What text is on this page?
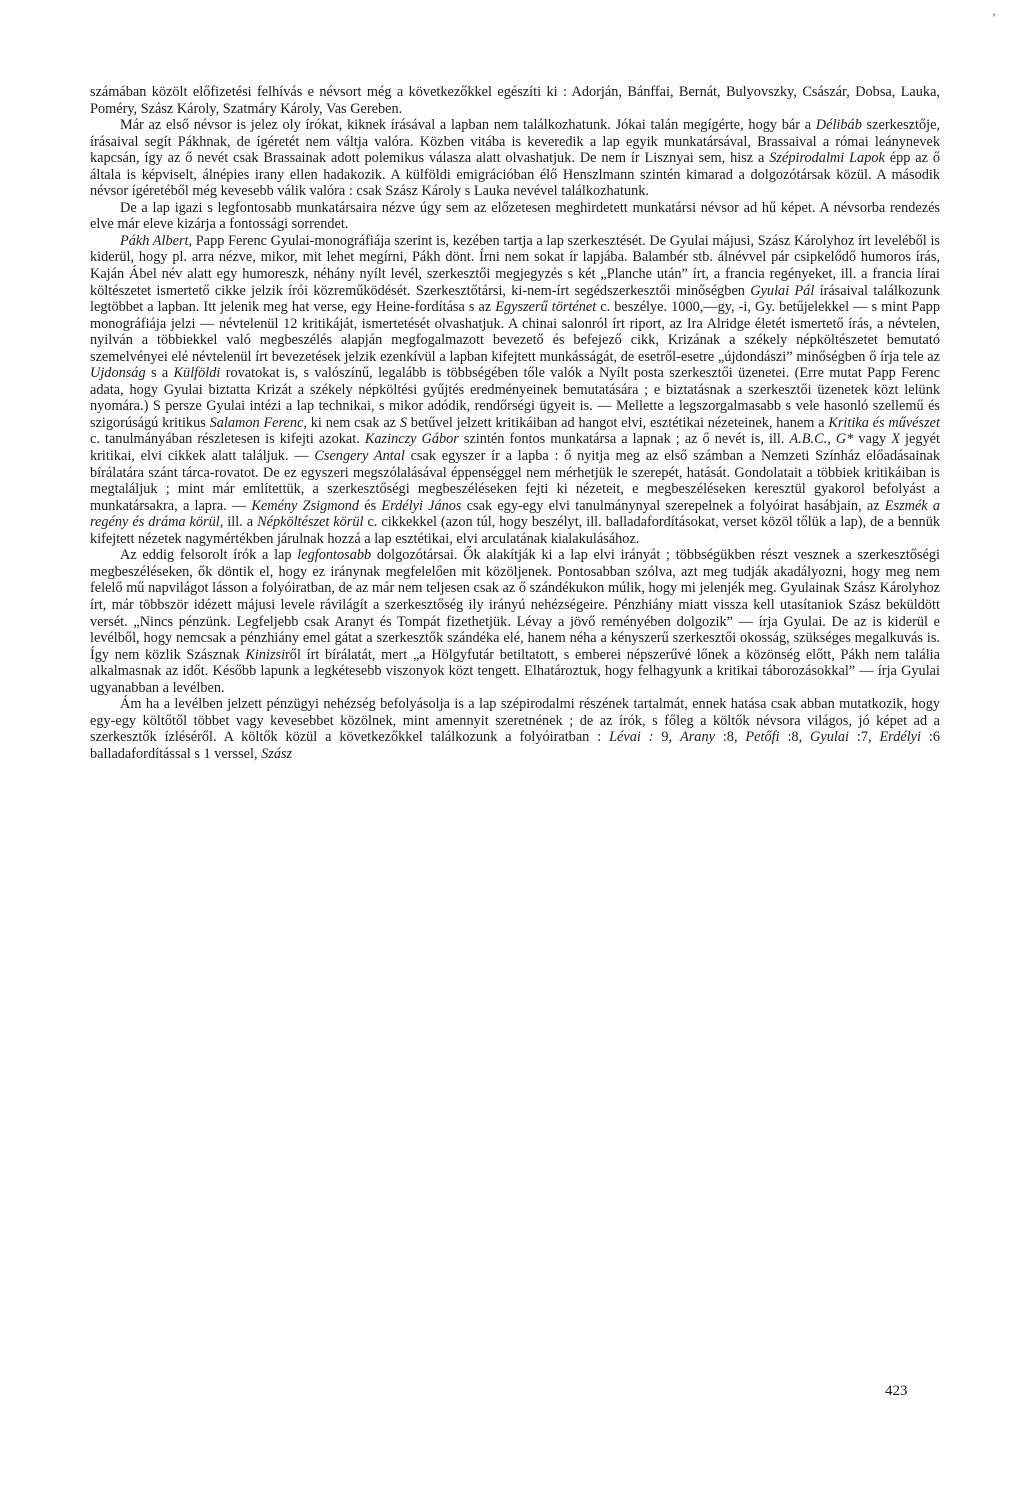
’

számában közölt előfizetési felhívás e névsort még a következőkkel egészíti ki : Adorján, Bánffai, Bernát, Bulyovszky, Császár, Dobsa, Lauka, Poméry, Szász Károly, Szatmáry Károly, Vas Gereben.

Már az első névsor is jelez oly írókat, kiknek írásával a lapban nem találkozhatunk. Jókai talán megígérte, hogy bár a Délibáb szerkesztője, írásaival segít Pákhnak, de ígéretét nem váltja valóra. Közben vitába is keveredik a lap egyik munkatársával, Brassaival a római leánynevek kapcsán, így az ő nevét csak Brassainak adott polemikus válasza alatt olvashatjuk. De nem ír Lisznyai sem, hisz a Szépirodalmi Lapok épp az ő általa is képviselt, álnépies irany ellen hadakozik. A külföldi emigrációban élő Henszlmann szintén kimarad a dolgozótársak közül. A második névsor ígéretéből még kevesebb válik valóra : csak Szász Károly s Lauka nevével találkozhatunk.

De a lap igazi s legfontosabb munkatársaira nézve úgy sem az előzetesen meghirdetett munkatársi névsor ad hű képet. A névsorba rendezés elve már eleve kizárja a fontossági sorrendet.

Pákh Albert, Papp Ferenc Gyulai-monográfiája szerint is, kezében tartja a lap szerkesztését. De Gyulai májusi, Szász Károlyhoz írt leveléből is kiderül, hogy pl. arra nézve, mikor, mit lehet megírni, Pákh dönt. Írni nem sokat ír lapjába. Balambér stb. álnévvel pár csipkelődő humoros írás, Kaján Ábel név alatt egy humoreszk, néhány nyílt levél, szerkesztői megjegyzés s két „Planche után” írt, a francia regényeket, ill. a francia lírai költészetet ismertető cikke jelzik írói közreműködését. Szerkesztőtársi, ki-nem-írt segédszerkesztői minőségben Gyulai Pál írásaival találkozunk legtöbbet a lapban. Itt jelenik meg hat verse, egy Heine-fordítása s az Egyszerű történet c. beszélye. 1000,—gy, -i, Gy. betűjelekkel — s mint Papp monográfiája jelzi — névtelenül 12 kritikáját, ismertetését olvashatjuk. A chinai salonról írt riport, az Ira Alridge életét ismertető írás, a névtelen, nyilván a többiekkel való megbeszélés alapján megfogalmazott bevezető és befejező cikk, Krizának a székely népköltészetet bemutató szemelvényei elé névtelenül írt bevezetések jelzik ezenkívül a lapban kifejtett munkásságát, de esetről-esetre „újdondászi” minőségben ő írja tele az Ujdonság s a Külföldi rovatokat is, s valószínű, legalább is többségében tőle valók a Nyílt posta szerkesztői üzenetei. (Erre mutat Papp Ferenc adata, hogy Gyulai biztatta Krizát a székely népköltési gyűjtés eredményeinek bemutatására ; e biztatásnak a szerkesztői üzenetek közt lelünk nyomára.) S persze Gyulai intézi a lap technikai, s mikor adódik, rendőrségi ügyeit is. — Mellette a legszorgalmasabb s vele hasonló szellemű és szigorúságú kritikus Salamon Ferenc, ki nem csak az S betűvel jelzett kritikáiban ad hangot elvi, esztétikai nézeteinek, hanem a Kritika és művészet c. tanulmányában részletesen is kifejti azokat. Kazinczy Gábor szintén fontos munkatársa a lapnak ; az ő nevét is, ill. A.B.C., G* vagy X jegyét kritikai, elvi cikkek alatt találjuk. — Csengery Antal csak egyszer ír a lapba : ő nyitja meg az első számban a Nemzeti Színház előadásainak bírálatára szánt tárca-rovatot. De ez egyszeri megszólalásával éppenséggel nem mérhetjük le szerepét, hatását. Gondolatait a többiek kritikáiban is megtaláljuk ; mint már említettük, a szerkesztőségi megbeszéléseken fejti ki nézeteit, e megbeszéléseken keresztül gyakorol befolyást a munkatársakra, a lapra. — Kemény Zsigmond és Erdélyi János csak egy-egy elvi tanulmánynyal szerepelnek a folyóirat hasábjain, az Eszmék a regény és dráma körül, ill. a Népköltészet körül c. cikkekkel (azon túl, hogy beszélyt, ill. balladafordításokat, verset közöl tőlük a lap), de a bennük kifejtett nézetek nagymértékben járulnak hozzá a lap esztétikai, elvi arculatának kialakulásához.

Az eddig felsorolt írók a lap legfontosabb dolgozótársai. Ők alakítják ki a lap elvi irányát ; többségükben részt vesznek a szerkesztőségi megbeszéléseken, ők döntik el, hogy ez iránynak megfelelően mit közöljenek. Pontosabban szólva, azt meg tudják akadályozni, hogy meg nem felelő mű napvilágot lásson a folyóiratban, de az már nem teljesen csak az ő szándékukon múlik, hogy mi jelenjék meg. Gyulainak Szász Károlyhoz írt, már többször idézett májusi levele rávilágít a szerkesztőség ily irányú nehézségeire. Pénzhiány miatt vissza kell utasítaniok Szász beküldött versét. „Nincs pénzünk. Legfeljebb csak Aranyt és Tompát fizethetjük. Lévay a jövő reményében dolgozik” — írja Gyulai. De az is kiderül e levélből, hogy nemcsak a pénzhiány emel gátat a szerkesztők szándéka elé, hanem néha a kényszerű szerkesztői okosság, szükséges megalkuvás is. Így nem közlik Szásznak Kinizsiről írt bírálatát, mert „a Hölgyfutár betiltatott, s emberei népszerűvé lőnek a közönség előtt, Pákh nem talália alkalmasnak az időt. Később lapunk a legkétesebb viszonyok közt tengett. Elhatároztuk, hogy felhagyunk a kritikai táborozásokkal” — írja Gyulai ugyanabban a levélben.

Ám ha a levélben jelzett pénzügyi nehézség befolyásolja is a lap szépirodalmi részének tartalmát, ennek hatása csak abban mutatkozik, hogy egy-egy költőtől többet vagy kevesebbet közölnek, mint amennyit szeretnének ; de az írók, s főleg a költők névsora világos, jó képet ad a szerkesztők ízléséről. A költők közül a következőkkel találkozunk a folyóiratban : Lévai : 9, Arany :8, Petőfi :8, Gyulai :7, Erdélyi :6 balladafordítással s 1 verssel, Szász

423
